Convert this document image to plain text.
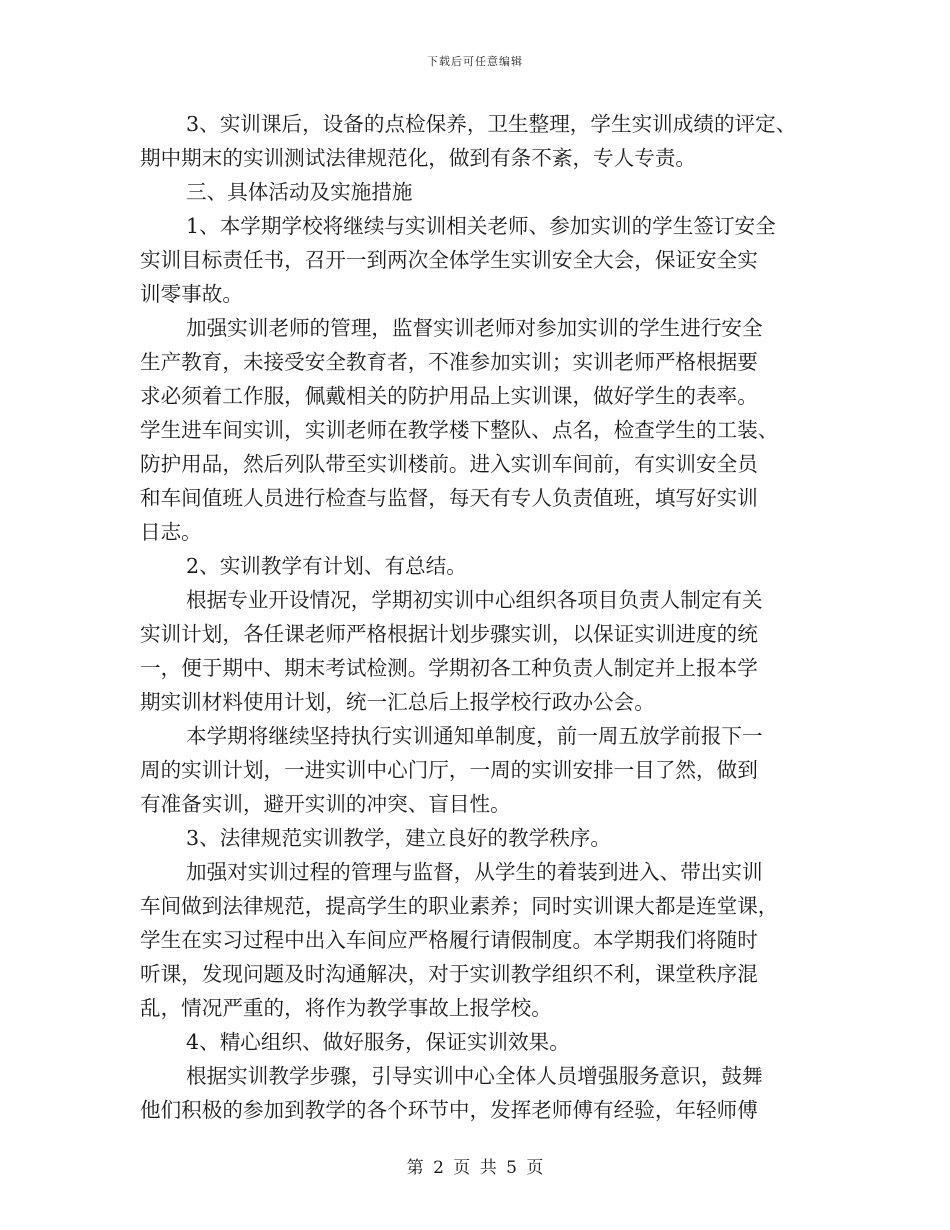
下载后可任意编辑
3、实训课后，设备的点检保养，卫生整理，学生实训成绩的评定、
期中期末的实训测试法律规范化，做到有条不紊，专人专责。
三、具体活动及实施措施
1、本学期学校将继续与实训相关老师、参加实训的学生签订安全
实训目标责任书，召开一到两次全体学生实训安全大会，保证安全实
训零事故。
加强实训老师的管理，监督实训老师对参加实训的学生进行安全
生产教育，未接受安全教育者，不准参加实训；实训老师严格根据要
求必须着工作服，佩戴相关的防护用品上实训课，做好学生的表率。
学生进车间实训，实训老师在教学楼下整队、点名，检查学生的工装、
防护用品，然后列队带至实训楼前。进入实训车间前，有实训安全员
和车间值班人员进行检查与监督，每天有专人负责值班，填写好实训
日志。
2、实训教学有计划、有总结。
根据专业开设情况，学期初实训中心组织各项目负责人制定有关
实训计划，各任课老师严格根据计划步骤实训，以保证实训进度的统
一，便于期中、期末考试检测。学期初各工种负责人制定并上报本学
期实训材料使用计划，统一汇总后上报学校行政办公会。
本学期将继续坚持执行实训通知单制度，前一周五放学前报下一
周的实训计划，一进实训中心门厅，一周的实训安排一目了然，做到
有准备实训，避开实训的冲突、盲目性。
3、法律规范实训教学，建立良好的教学秩序。
加强对实训过程的管理与监督，从学生的着装到进入、带出实训
车间做到法律规范，提高学生的职业素养；同时实训课大都是连堂课，
学生在实习过程中出入车间应严格履行请假制度。本学期我们将随时
听课，发现问题及时沟通解决，对于实训教学组织不利，课堂秩序混
乱，情况严重的，将作为教学事故上报学校。
4、精心组织、做好服务，保证实训效果。
根据实训教学步骤，引导实训中心全体人员增强服务意识，鼓舞
他们积极的参加到教学的各个环节中，发挥老师傅有经验，年轻师傅
第 2 页 共 5 页
